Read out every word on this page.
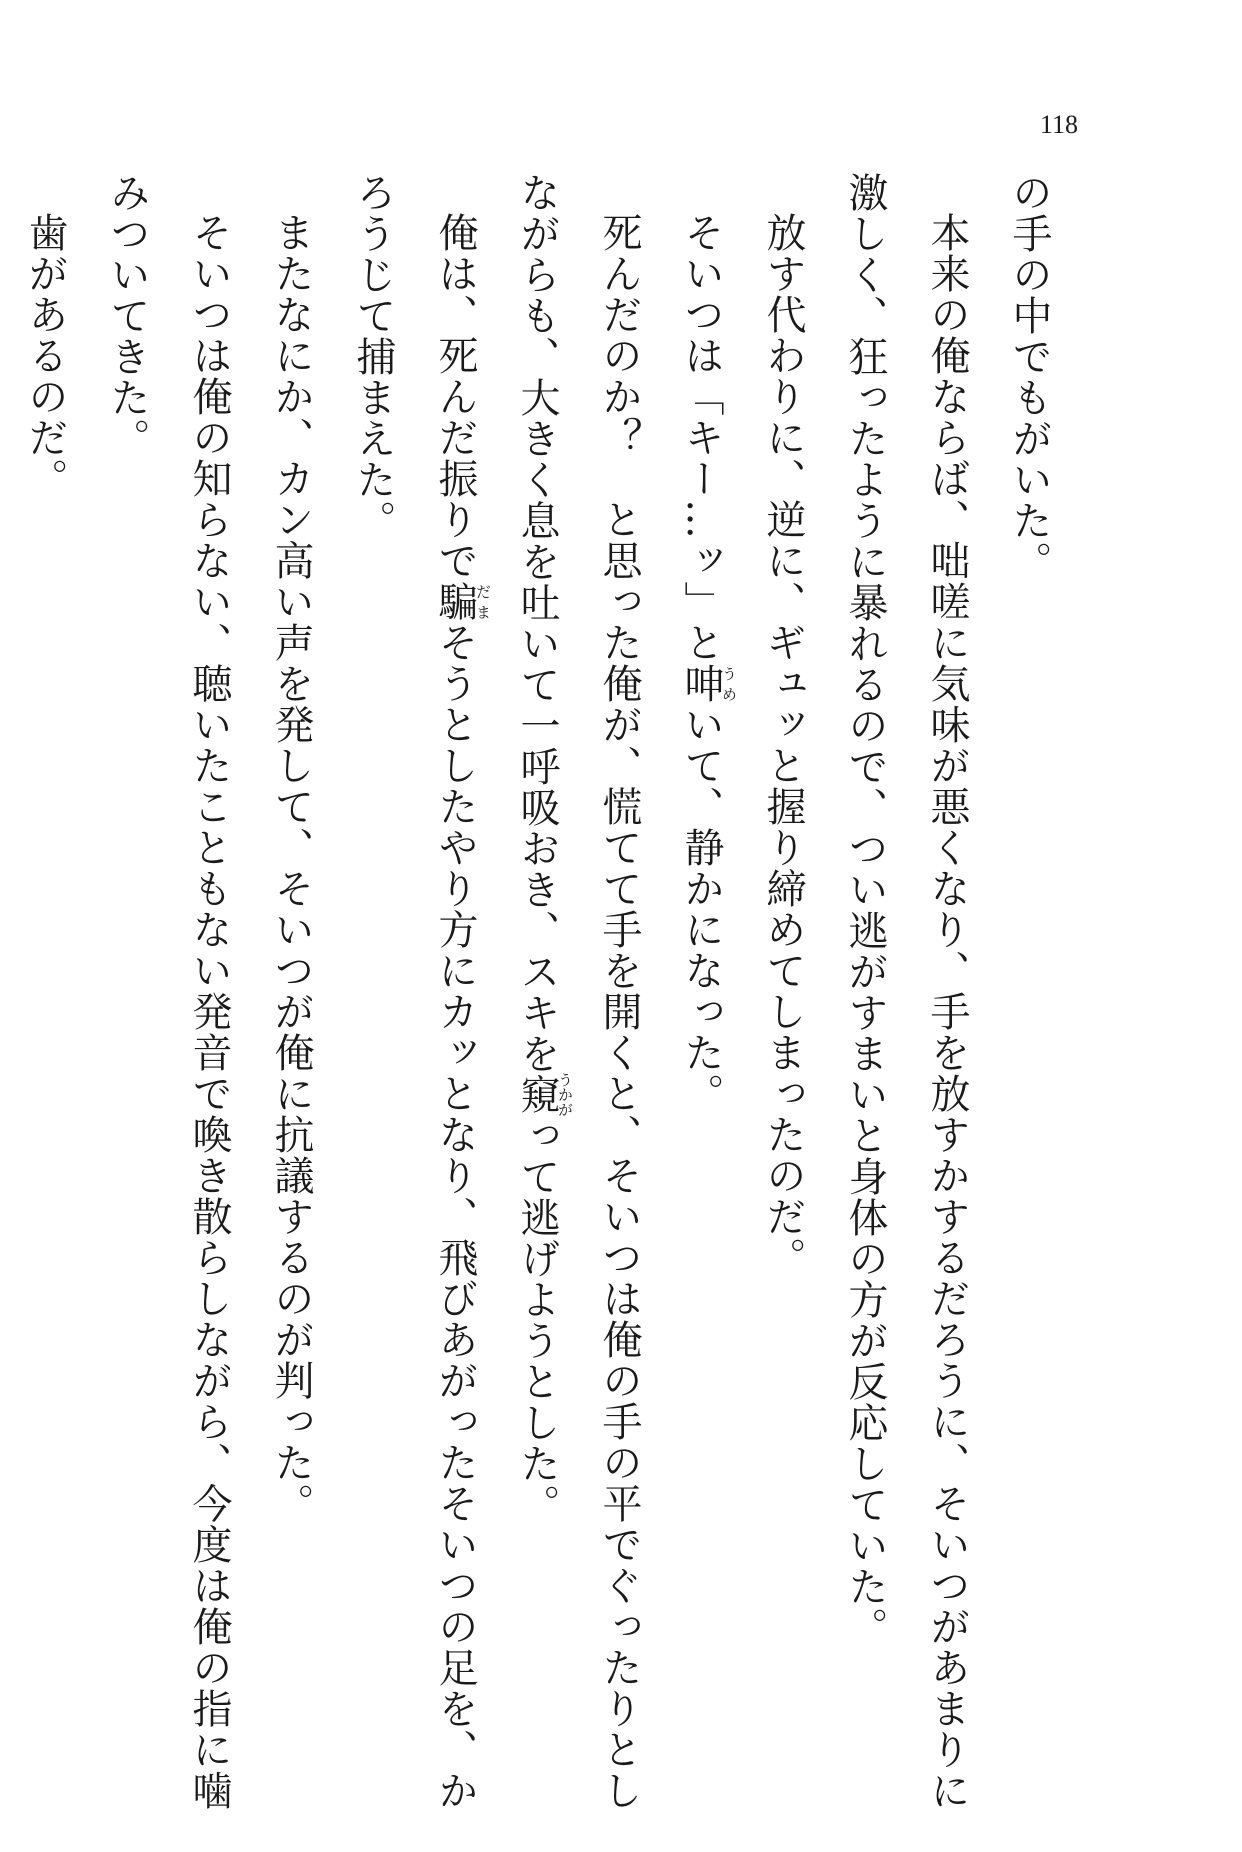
118
の手の中でもがいた。
本来の俺ならば、咄嗟に気味が悪くなり、手を放すかするだろうに、そいつがあまりに
激しく、狂ったように暴れるので、つい逃がすまいと身体の方が反応していた。
放す代わりに、逆に、ギュッと握り締めてしまったのだ。
そいつは「キー…ッ」と呻うめいて、静かになった。
死んだのか？　と思った俺が、慌てて手を開くと、そいつは俺の手の平でぐったりとし
ながらも、大きく息を吐いて一呼吸おき、スキを窺うかがって逃げようとした。
俺は、死んだ振りで騙だまそうとしたやり方にカッとなり、飛びあがったそいつの足を、か
ろうじて捕まえた。
またなにか、カン高い声を発して、そいつが俺に抗議するのが判った。
そいつは俺の知らない、聴いたこともない発音で喚き散らしながら、今度は俺の指に噛
みついてきた。
歯があるのだ。
